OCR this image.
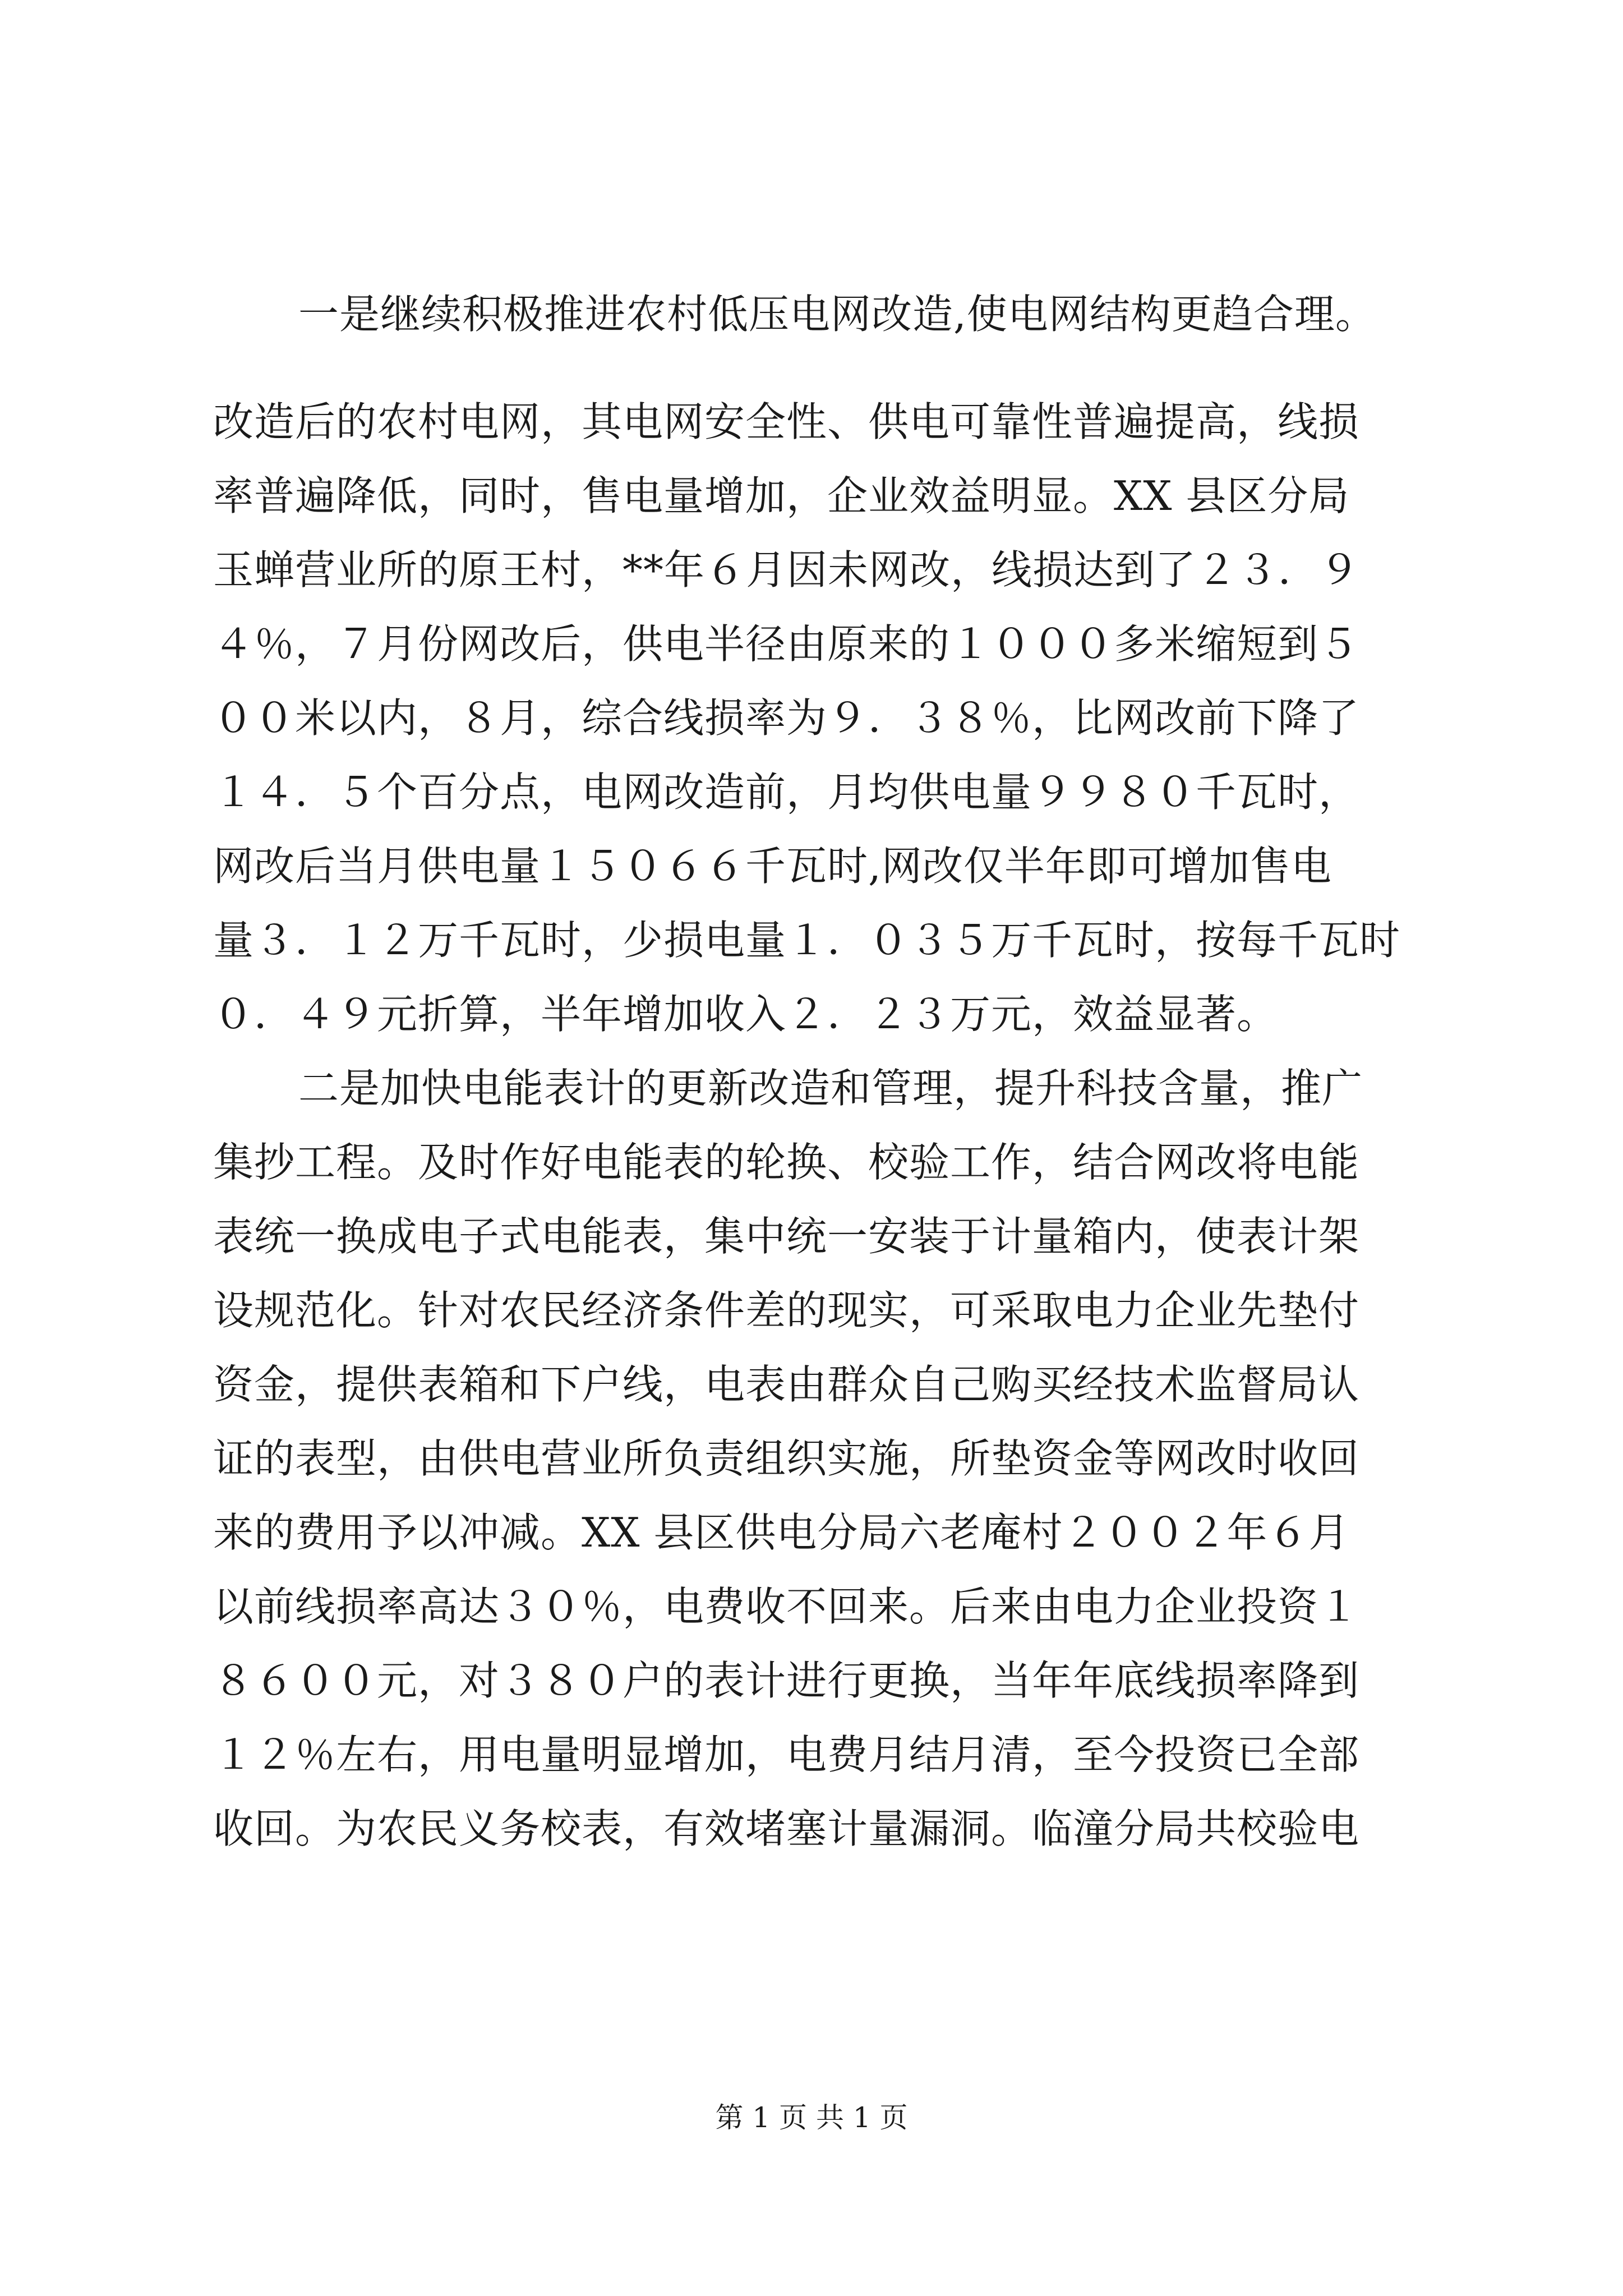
一是继续积极推进农村低压电网改造,使电网结构更趋合理。
改造后的农村电网，其电网安全性、供电可靠性普遍提高，线损
率普遍降低，同时，售电量增加，企业效益明显。XX 县区分局
玉蝉营业所的原王村，**年６月因未网改，线损达到了２３．９
４％，７月份网改后，供电半径由原来的１０００多米缩短到５
００米以内，８月，综合线损率为９．３８％，比网改前下降了
１４．５个百分点，电网改造前，月均供电量９９８０千瓦时，
网改后当月供电量１５０６６千瓦时,网改仅半年即可增加售电
量３．１２万千瓦时，少损电量１．０３５万千瓦时，按每千瓦时
０．４９元折算，半年增加收入２．２３万元，效益显著。
二是加快电能表计的更新改造和管理，提升科技含量，推广
集抄工程。及时作好电能表的轮换、校验工作，结合网改将电能
表统一换成电子式电能表，集中统一安装于计量箱内，使表计架
设规范化。针对农民经济条件差的现实，可采取电力企业先垫付
资金，提供表箱和下户线，电表由群众自己购买经技术监督局认
证的表型，由供电营业所负责组织实施，所垫资金等网改时收回
来的费用予以冲减。XX 县区供电分局六老庵村２００２年６月
以前线损率高达３０％，电费收不回来。后来由电力企业投资１
８６００元，对３８０户的表计进行更换，当年年底线损率降到
１２％左右，用电量明显增加，电费月结月清，至今投资已全部
收回。为农民义务校表，有效堵塞计量漏洞。临潼分局共校验电
第 1 页 共 1 页
